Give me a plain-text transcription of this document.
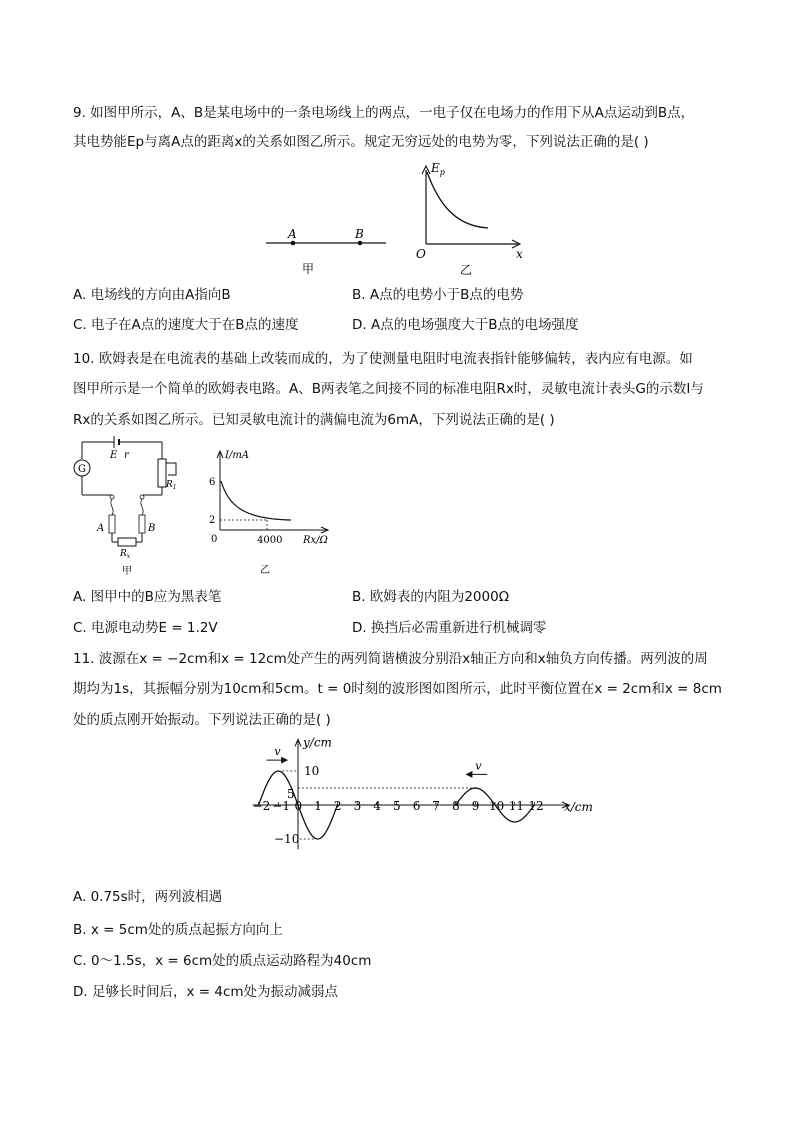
9. 如图甲所示，A、B是某电场中的一条电场线上的两点，一电子仅在电场力的作用下从A点运动到B点，
其电势能Ep与离A点的距离x的关系如图乙所示。规定无穷远处的电势为零，下列说法正确的是( )
A	B
甲
$E_p$
x
O
乙
A. 电场线的方向由A指向B	B. A点的电势小于B点的电势
C. 电子在A点的速度大于在B点的速度	D. A点的电场强度大于B点的电场强度
10. 欧姆表是在电流表的基础上改装而成的，为了使测量电阻时电流表指针能够偏转，表内应有电源。如
图甲所示是一个简单的欧姆表电路。A、B两表笔之间接不同的标准电阻Rx时，灵敏电流计表头G的示数I与
Rx的关系如图乙所示。已知灵敏电流计的满偏电流为6mA，下列说法正确的是( )
E r
G
$R_1$
A	B
$R_x$
甲
I/mA
6
2
0	4000 Rx/Ω
乙
A. 图甲中的B应为黑表笔	B. 欧姆表的内阻为2000Ω
C. 电源电动势E = 1.2V	D. 换挡后必需重新进行机械调零
11. 波源在x = −2cm和x = 12cm处产生的两列简谐横波分别沿x轴正方向和x轴负方向传播。两列波的周
期均为1s，其振幅分别为10cm和5cm。t = 0时刻的波形图如图所示，此时平衡位置在x = 2cm和x = 8cm
处的质点刚开始振动。下列说法正确的是( )
y/cm
x/cm
−2 −1 0 1 2 3 4 5 6 7 8 9 10 11 12
10
5
−10
v
v
A. 0.75s时，两列波相遇
B. x = 5cm处的质点起振方向向上
C. 0～1.5s，x = 6cm处的质点运动路程为40cm
D. 足够长时间后，x = 4cm处为振动减弱点
